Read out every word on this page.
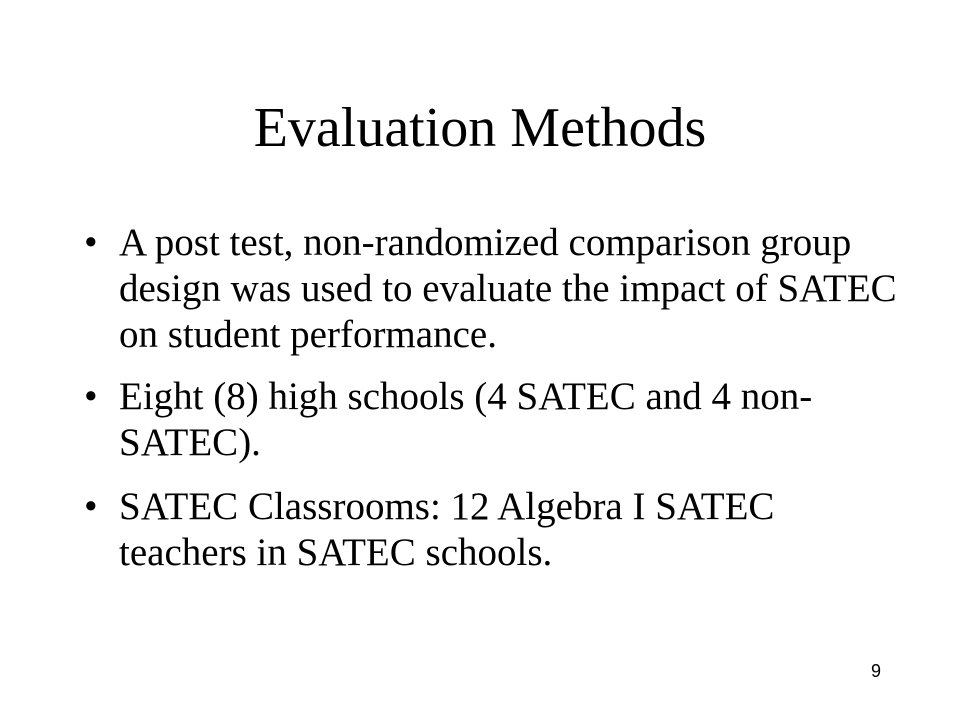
Evaluation Methods
•
A post test, non-randomized comparison group design was used to evaluate the impact of SATEC on student performance.
•
Eight (8) high schools (4 SATEC and 4 non-SATEC).
•
SATEC Classrooms: 12 Algebra I SATEC teachers in SATEC schools.
9
